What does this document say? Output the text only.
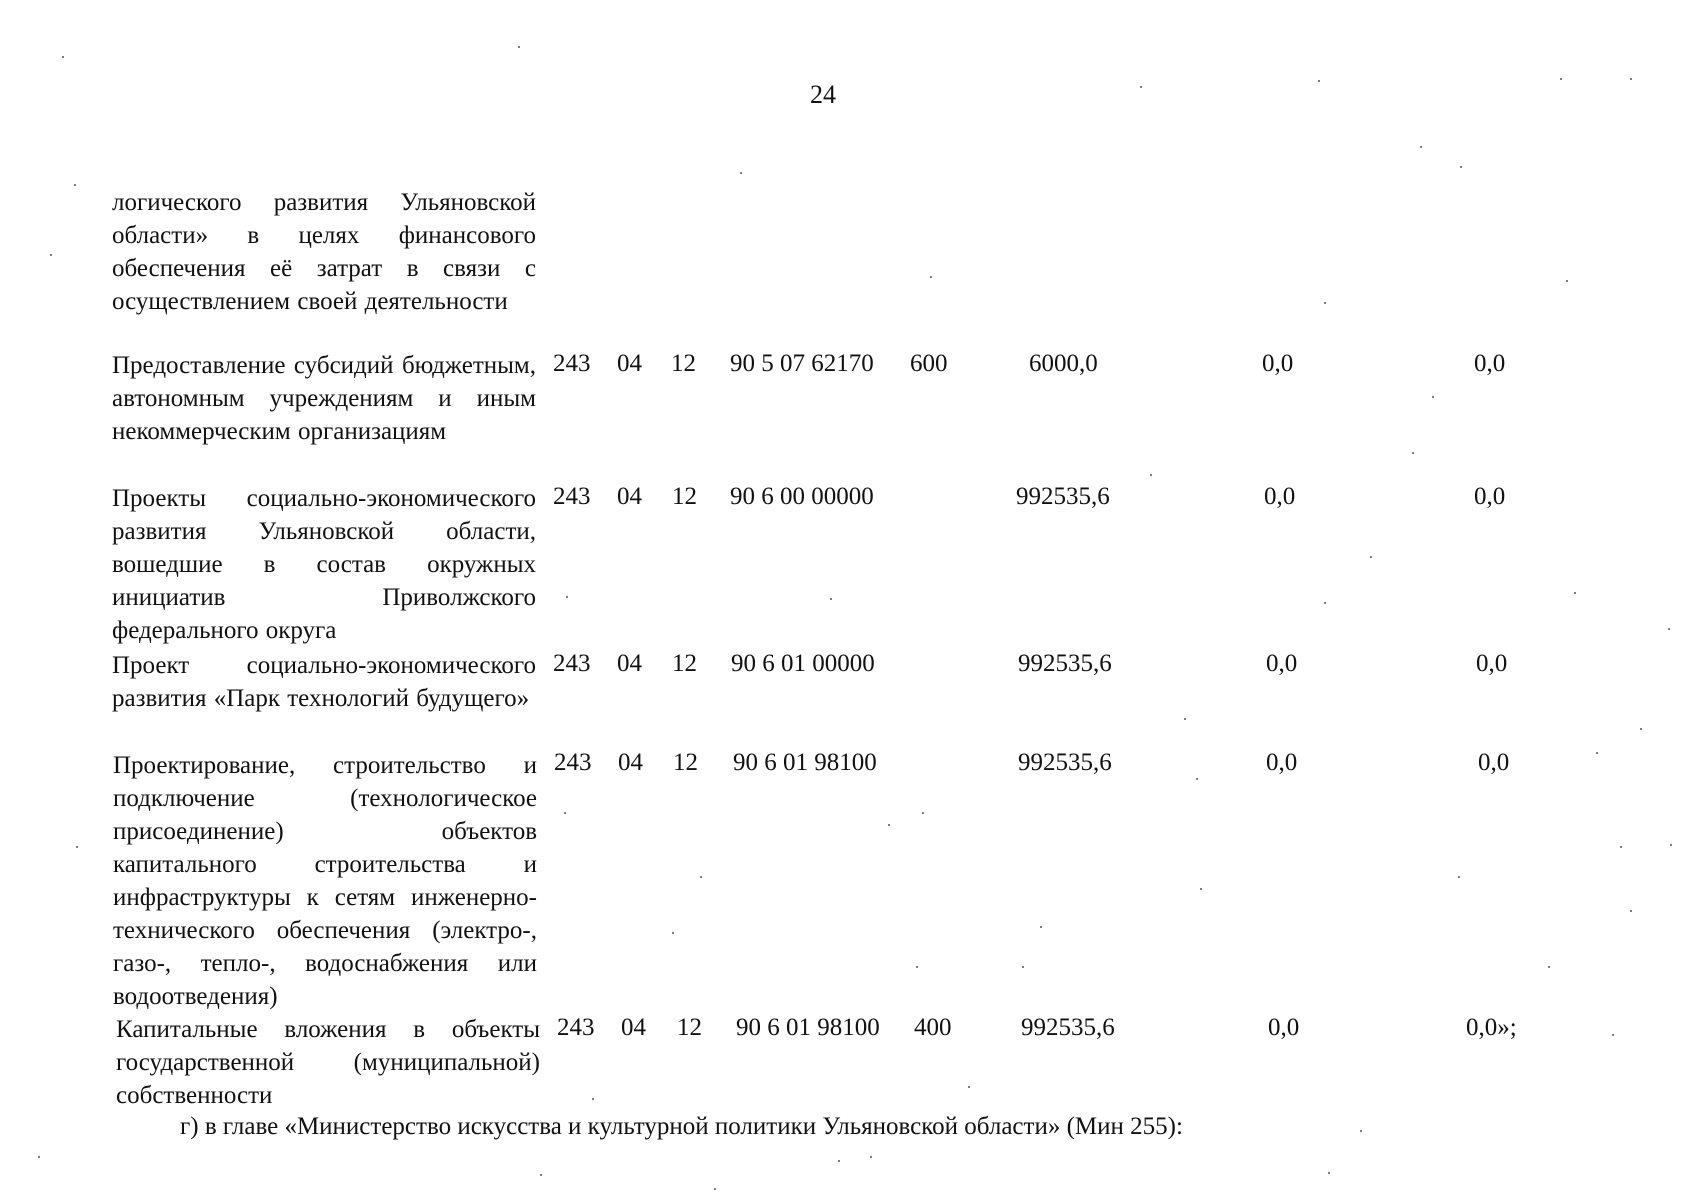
24
логического развития Ульяновской области» в целях финансового обеспечения её затрат в связи с осуществлением своей деятельности
Предоставление субсидий бюджетным, автономным учреждениям и иным некоммерческим организациям
243 04 12 90 5 07 62170 600	6000,0	0,0	0,0
Проекты социально-экономического развития Ульяновской области, вошедшие в состав окружных инициатив Приволжского федерального округа
243 04 12 90 6 00 00000	992535,6	0,0	0,0
Проект социально-экономического развития «Парк технологий будущего»
243 04 12 90 6 01 00000	992535,6	0,0	0,0
Проектирование, строительство и подключение (технологическое присоединение) объектов капитального строительства и инфраструктуры к сетям инженерно-технического обеспечения (электро-, газо-, тепло-, водоснабжения или водоотведения)
243 04 12 90 6 01 98100	992535,6	0,0	0,0
Капитальные вложения в объекты государственной (муниципальной) собственности
243 04 12 90 6 01 98100 400	992535,6	0,0	0,0»;
г) в главе «Министерство искусства и культурной политики Ульяновской области» (Мин 255):
